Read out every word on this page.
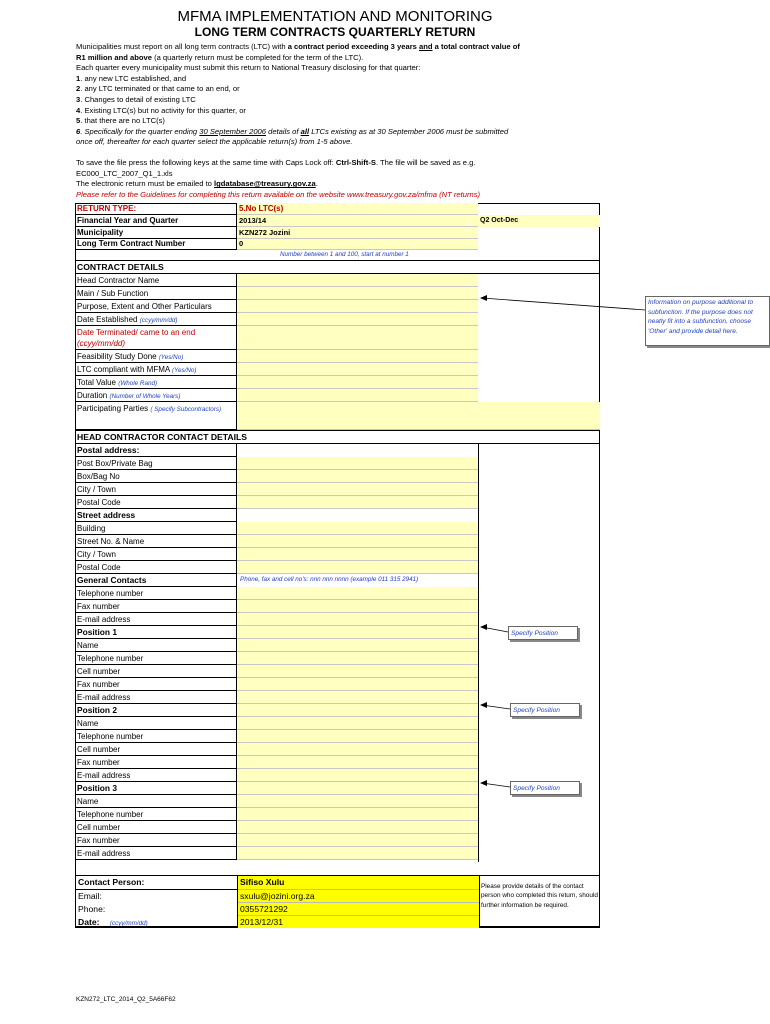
MFMA IMPLEMENTATION AND MONITORING
LONG TERM CONTRACTS QUARTERLY RETURN

Municipalities must report on all long term contracts (LTC) with a contract period exceeding 3 years and a total contract value of

R1 million and above (a quarterly return must be completed for the term of the LTC).

Each quarter every municipality must submit this return to National Treasury disclosing for that quarter:

1. any new LTC established, and

2. any LTC terminated or that came to an end, or

3. Changes to detail of existing LTC

4. Existing LTC(s) but no activity for this quarter, or

5. that there are no LTC(s)

6. Specifically for the quarter ending 30 September 2006 details of all LTCs existing as at 30 September 2006 must be submitted

once off, thereafter for each quarter select the applicable return(s) from 1-5 above.

To save the file press the following keys at the same time with Caps Lock off: Ctrl-Shift-S. The file will be saved as e.g.

EC000_LTC_2007_Q1_1.xls

The electronic return must be emailed to lgdatabase@treasury.gov.za.

Please refer to the Guidelines for completing this return available on the website www.treasury.gov.za/mfma (NT returns)

RETURN TYPE:	5.No LTC(s)
Financial Year and Quarter	2013/14	Q2 Oct-Dec
Municipality	KZN272 Jozini
Long Term Contract Number	0
Number between 1 and 100, start at number 1
CONTRACT DETAILS
Head Contractor Name
Main / Sub Function
Purpose, Extent and Other Particulars
Date Established (ccyy/mm/dd)
Date Terminated/ came to an end
(ccyy/mm/dd)
Feasibility Study Done (Yes/No)
LTC compliant with MFMA (Yes/No)
Total Value (Whole Rand)
Duration (Number of Whole Years)
Participating Parties ( Specify Subcontractors)
HEAD CONTRACTOR CONTACT DETAILS
Postal address:
Post Box/Private Bag
Box/Bag No
City / Town
Postal Code
Street address
Building
Street No. & Name
City / Town
Postal Code
General Contacts
Telephone number
Fax number
E-mail address
Position 1
Name
Telephone number
Cell number
Fax number
E-mail address
Position 2
Name
Telephone number
Cell number
Fax number
E-mail address
Position 3
Name
Telephone number
Cell number
Fax number
E-mail address
Phone, fax and cell no's: nnn nnn nnnn (example 011 315 2941)
Information on purpose additional to subfunction. If the purpose does not neatly fit into a subfunction, choose 'Other' and provide detail here.
Specify Position
Specify Position
Specify Position
Contact Person:	Sifiso Xulu
Email:	sxulu@jozini.org.za
Phone:	0355721292
Date: (ccyy/mm/dd)	2013/12/31
Please provide details of the contact person who completed this return, should further information be required.
KZN272_LTC_2014_Q2_5A66F62
